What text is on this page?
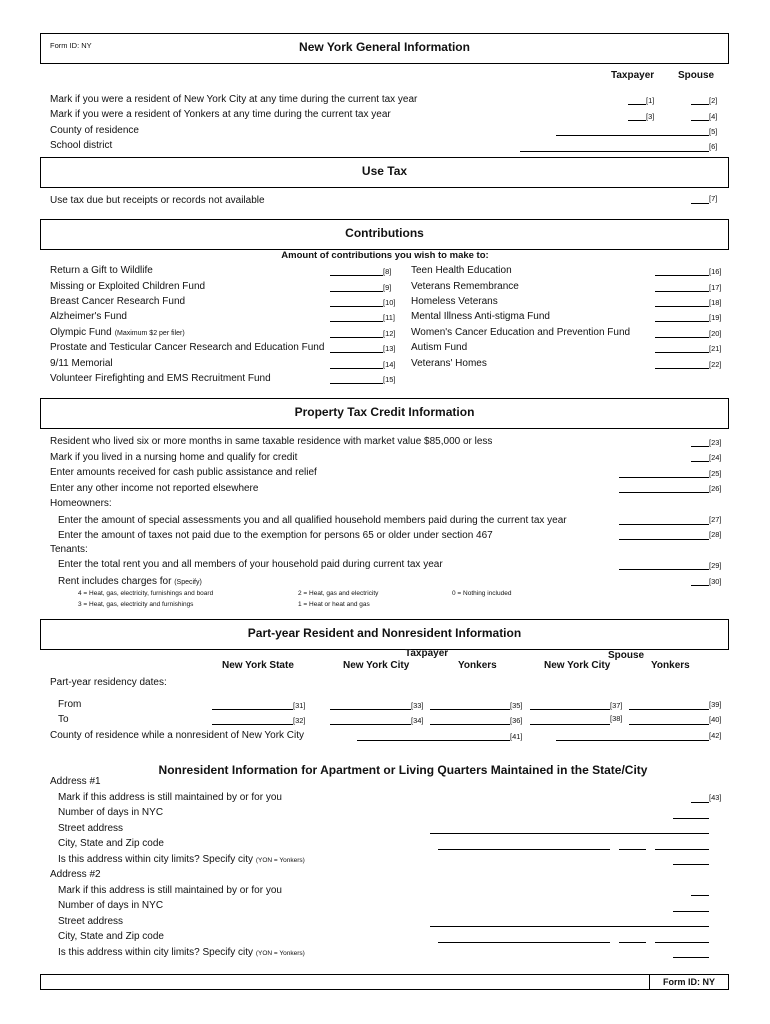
Form ID: NY	New York General Information
Taxpayer Spouse
Mark if you were a resident of New York City at any time during the current tax year	[1]	[2]
Mark if you were a resident of Yonkers at any time during the current tax year	[3]	[4]
County of residence	[5]
School district	[6]
Use Tax
Use tax due but receipts or records not available	[7]
Contributions
Amount of contributions you wish to make to:
Return a Gift to Wildlife	[8]
Missing or Exploited Children Fund	[9]
Breast Cancer Research Fund	[10]
Alzheimer's Fund	[11]
Olympic Fund (Maximum $2 per filer)	[12]
Prostate and Testicular Cancer Research and Education Fund	[13]
9/11 Memorial	[14]
Volunteer Firefighting and EMS Recruitment Fund	[15]
Teen Health Education	[16]
Veterans Remembrance	[17]
Homeless Veterans	[18]
Mental Illness Anti-stigma Fund	[19]
Women's Cancer Education and Prevention Fund	[20]
Autism Fund	[21]
Veterans' Homes	[22]
Property Tax Credit Information
Resident who lived six or more months in same taxable residence with market value $85,000 or less	[23]
Mark if you lived in a nursing home and qualify for credit	[24]
Enter amounts received for cash public assistance and relief	[25]
Enter any other income not reported elsewhere	[26]
Homeowners:
Enter the amount of special assessments you and all qualified household members paid during the current tax year	[27]
Enter the amount of taxes not paid due to the exemption for persons 65 or older under section 467	[28]
Tenants:
Enter the total rent you and all members of your household paid during current tax year	[29]
Rent includes charges for (Specify)	[30]
4 = Heat, gas, electricity, furnishings and board
3 = Heat, gas, electricity and furnishings
2 = Heat, gas and electricity
1 = Heat or heat and gas
0 = Nothing included
Part-year Resident and Nonresident Information
Taxpayer	Spouse
New York State	New York City	Yonkers	New York City	Yonkers
Part-year residency dates:
From	[31]	[33]	[35]	[37]	[39]
To	[32]	[34]	[36]	[38]	[40]
County of residence while a nonresident of New York City	[41]	[42]
Nonresident Information for Apartment or Living Quarters Maintained in the State/City
Address #1
Mark if this address is still maintained by or for you	[43]
Number of days in NYC
Street address
City, State and Zip code
Is this address within city limits? Specify city (YON = Yonkers)
Address #2
Mark if this address is still maintained by or for you
Number of days in NYC
Street address
City, State and Zip code
Is this address within city limits? Specify city (YON = Yonkers)
Form ID: NY
